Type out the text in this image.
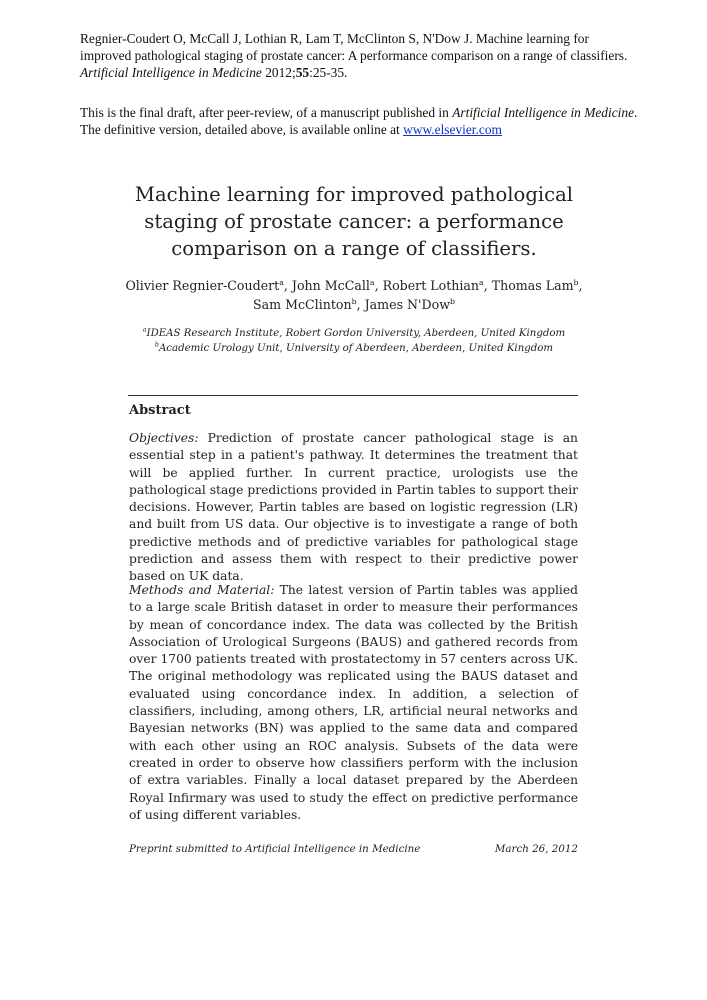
Regnier-Coudert O, McCall J, Lothian R, Lam T, McClinton S, N'Dow J. Machine learning for improved pathological staging of prostate cancer: A performance comparison on a range of classifiers. Artificial Intelligence in Medicine 2012;55:25-35.
This is the final draft, after peer-review, of a manuscript published in Artificial Intelligence in Medicine.
The definitive version, detailed above, is available online at www.elsevier.com
Machine learning for improved pathological staging of prostate cancer: a performance comparison on a range of classifiers.
Olivier Regnier-Coudert$^a$, John McCall$^a$, Robert Lothian$^a$, Thomas Lam$^b$,
Sam McClinton$^b$, James N'Dow$^b$
$^a$IDEAS Research Institute, Robert Gordon University, Aberdeen, United Kingdom
$^b$Academic Urology Unit, University of Aberdeen, Aberdeen, United Kingdom
Abstract

Objectives: Prediction of prostate cancer pathological stage is an essential step in a patient's pathway. It determines the treatment that will be applied further. In current practice, urologists use the pathological stage predictions provided in Partin tables to support their decisions. However, Partin tables are based on logistic regression (LR) and built from US data. Our objective is to investigate a range of both predictive methods and of predictive variables for pathological stage prediction and assess them with respect to their predictive power based on UK data.

Methods and Material: The latest version of Partin tables was applied to a large scale British dataset in order to measure their performances by mean of concordance index. The data was collected by the British Association of Urological Surgeons (BAUS) and gathered records from over 1700 patients treated with prostatectomy in 57 centers across UK. The original methodology was replicated using the BAUS dataset and evaluated using concordance index. In addition, a selection of classifiers, including, among others, LR, artificial neural networks and Bayesian networks (BN) was applied to the same data and compared with each other using an ROC analysis. Subsets of the data were created in order to observe how classifiers perform with the inclusion of extra variables. Finally a local dataset prepared by the Aberdeen Royal Infirmary was used to study the effect on predictive performance of using different variables.

Preprint submitted to Artificial Intelligence in Medicine	March 26, 2012
